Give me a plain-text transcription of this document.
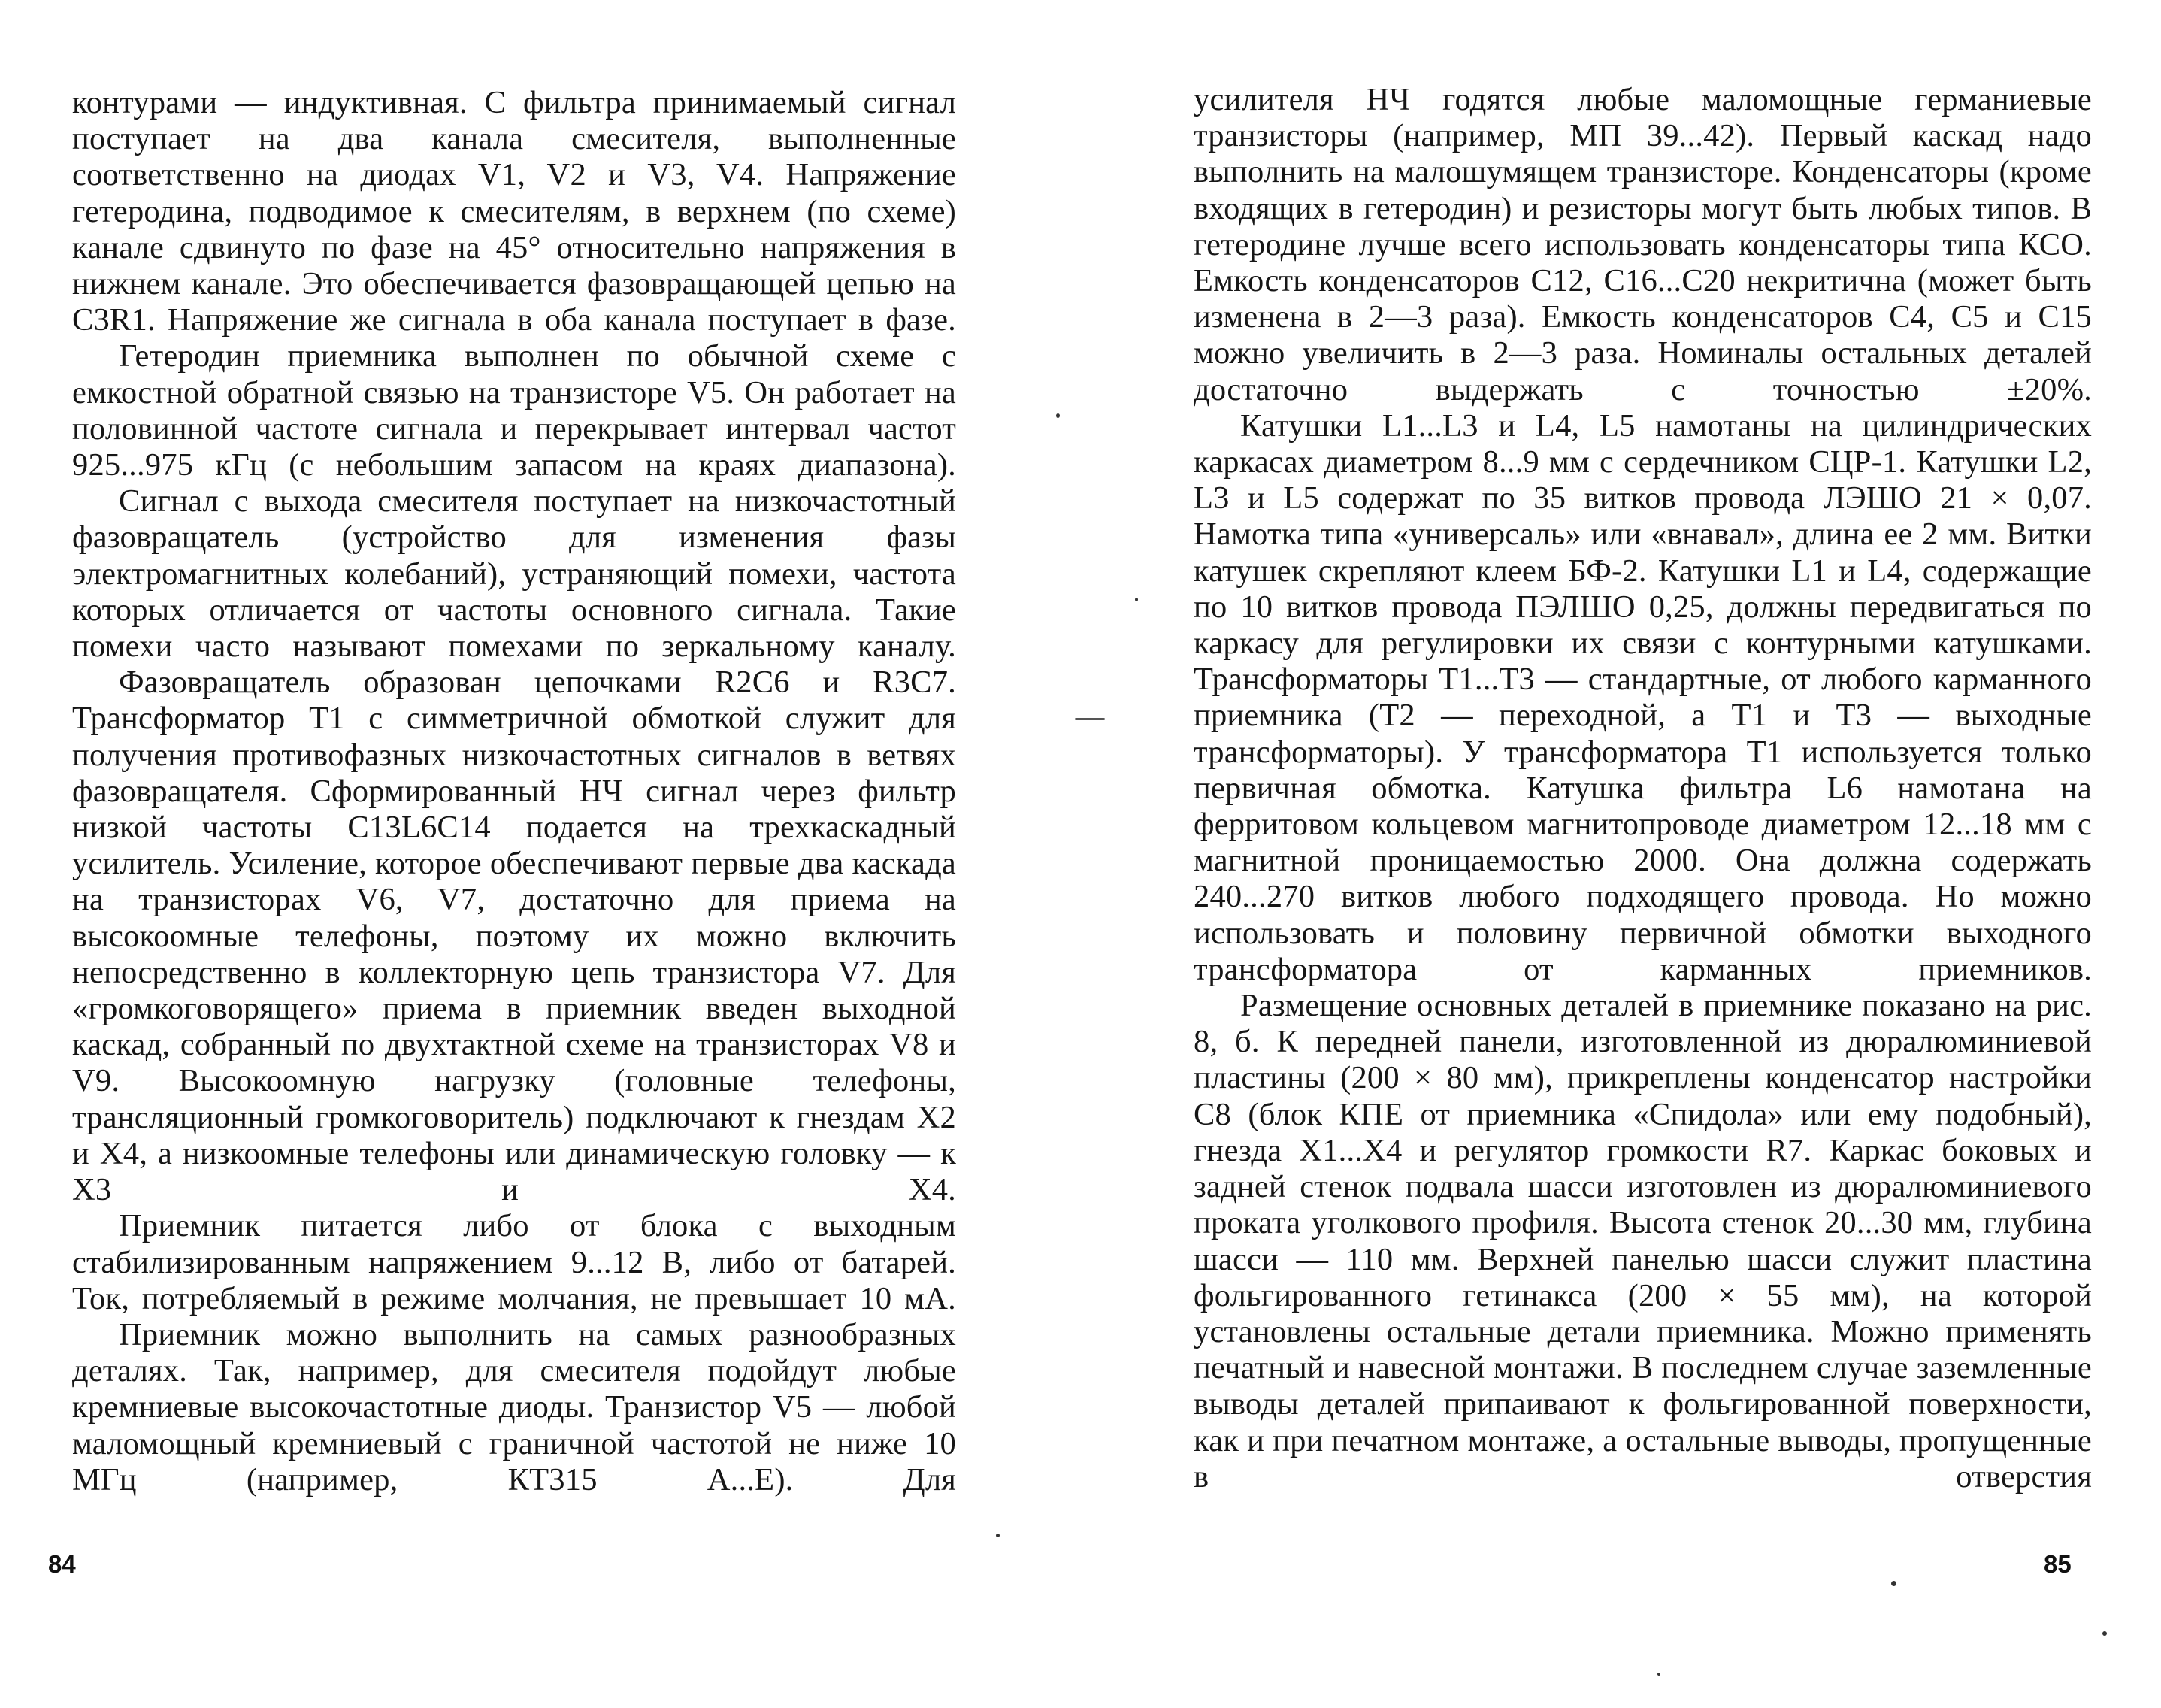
контурами — индуктивная. С фильтра принимаемый сигнал поступает на два канала смесителя, выполненные соответственно на диодах V1, V2 и V3, V4. Напряжение гетеродина, подводимое к смесителям, в верхнем (по схеме) канале сдвинуто по фазе на 45° относительно напряжения в нижнем канале. Это обеспечивается фазовращающей цепью на C3R1. Напряжение же сигнала в оба канала поступает в фазе.

Гетеродин приемника выполнен по обычной схеме с емкостной обратной связью на транзисторе V5. Он работает на половинной частоте сигнала и перекрывает интервал частот 925...975 кГц (с небольшим запасом на краях диапазона).

Сигнал с выхода смесителя поступает на низкочастотный фазовращатель (устройство для изменения фазы электромагнитных колебаний), устраняющий помехи, частота которых отличается от частоты основного сигнала. Такие помехи часто называют помехами по зеркальному каналу.

Фазовращатель образован цепочками R2C6 и R3C7. Трансформатор T1 с симметричной обмоткой служит для получения противофазных низкочастотных сигналов в ветвях фазовращателя. Сформированный НЧ сигнал через фильтр низкой частоты C13L6C14 подается на трехкаскадный усилитель. Усиление, которое обеспечивают первые два каскада на транзисторах V6, V7, достаточно для приема на высокоомные телефоны, поэтому их можно включить непосредственно в коллекторную цепь транзистора V7. Для «громкоговорящего» приема в приемник введен выходной каскад, собранный по двухтактной схеме на транзисторах V8 и V9. Высокоомную нагрузку (головные телефоны, трансляционный громкоговоритель) подключают к гнездам X2 и X4, а низкоомные телефоны или динамическую головку — к X3 и X4.

Приемник питается либо от блока с выходным стабилизированным напряжением 9...12 В, либо от батарей. Ток, потребляемый в режиме молчания, не превышает 10 мА.

Приемник можно выполнить на самых разнообразных деталях. Так, например, для смесителя подойдут любые кремниевые высокочастотные диоды. Транзистор V5 — любой маломощный кремниевый с граничной частотой не ниже 10 МГц (например, КТ315 А...Е). Для

84

усилителя НЧ годятся любые маломощные германиевые транзисторы (например, МП 39...42). Первый каскад надо выполнить на малошумящем транзисторе. Конденсаторы (кроме входящих в гетеродин) и резисторы могут быть любых типов. В гетеродине лучше всего использовать конденсаторы типа КСО. Емкость конденсаторов C12, C16...C20 некритична (может быть изменена в 2—3 раза). Емкость конденсаторов C4, C5 и C15 можно увеличить в 2—3 раза. Номиналы остальных деталей достаточно выдержать с точностью ±20%.

Катушки L1...L3 и L4, L5 намотаны на цилиндрических каркасах диаметром 8...9 мм с сердечником СЦР-1. Катушки L2, L3 и L5 содержат по 35 витков провода ЛЭШО 21 × 0,07. Намотка типа «универсаль» или «внавал», длина ее 2 мм. Витки катушек скрепляют клеем БФ-2. Катушки L1 и L4, содержащие по 10 витков провода ПЭЛШО 0,25, должны передвигаться по каркасу для регулировки их связи с контурными катушками. Трансформаторы T1...T3 — стандартные, от любого карманного приемника (T2 — переходной, а T1 и T3 — выходные трансформаторы). У трансформатора T1 используется только первичная обмотка. Катушка фильтра L6 намотана на ферритовом кольцевом магнитопроводе диаметром 12...18 мм с магнитной проницаемостью 2000. Она должна содержать 240...270 витков любого подходящего провода. Но можно использовать и половину первичной обмотки выходного трансформатора от карманных приемников.

Размещение основных деталей в приемнике показано на рис. 8, б. К передней панели, изготовленной из дюралюминиевой пластины (200 × 80 мм), прикреплены конденсатор настройки C8 (блок КПЕ от приемника «Спидола» или ему подобный), гнезда X1...X4 и регулятор громкости R7. Каркас боковых и задней стенок подвала шасси изготовлен из дюралюминиевого проката уголкового профиля. Высота стенок 20...30 мм, глубина шасси — 110 мм. Верхней панелью шасси служит пластина фольгированного гетинакса (200 × 55 мм), на которой установлены остальные детали приемника. Можно применять печатный и навесной монтажи. В последнем случае заземленные выводы деталей припаивают к фольгированной поверхности, как и при печатном монтаже, а остальные выводы, пропущенные в отверстия

85
